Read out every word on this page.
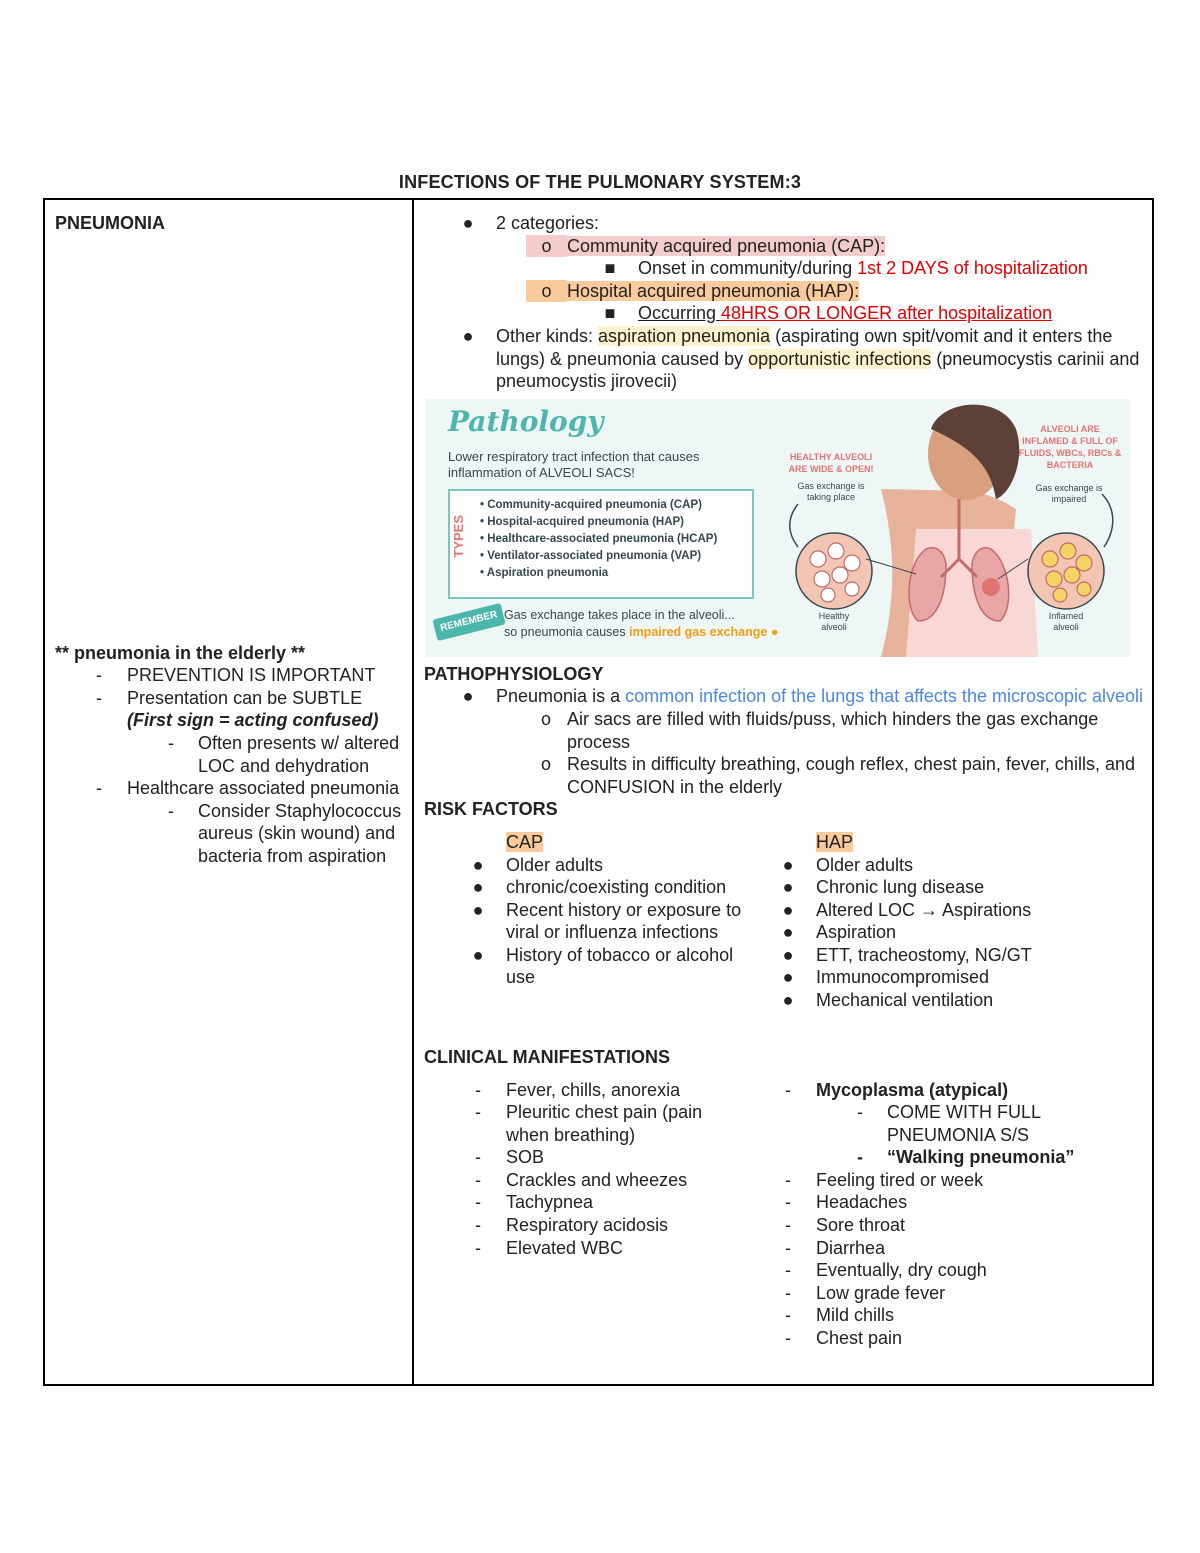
INFECTIONS OF THE PULMONARY SYSTEM:3
PNEUMONIA
** pneumonia in the elderly **
-	PREVENTION IS IMPORTANT
-	Presentation can be SUBTLE
(First sign = acting confused)
-	Often presents w/ altered LOC and dehydration
-	Healthcare associated pneumonia
-	Consider Staphylococcus aureus (skin wound) and bacteria from aspiration
● 2 categories:
o Community acquired pneumonia (CAP):
■ Onset in community/during 1st 2 DAYS of hospitalization
o Hospital acquired pneumonia (HAP):
■ Occurring 48HRS OR LONGER after hospitalization
● Other kinds: aspiration pneumonia (aspirating own spit/vomit and it enters the lungs) & pneumonia caused by opportunistic infections (pneumocystis carinii and pneumocystis jirovecii)
Pathology
Lower respiratory tract infection that causes inflammation of ALVEOLI SACS!
TYPES
• Community-acquired pneumonia (CAP)
• Hospital-acquired pneumonia (HAP)
• Healthcare-associated pneumonia (HCAP)
• Ventilator-associated pneumonia (VAP)
• Aspiration pneumonia
REMEMBER Gas exchange takes place in the alveoli...
so pneumonia causes impaired gas exchange ●
HEALTHY ALVEOLI ARE WIDE & OPEN!
Gas exchange is taking place
ALVEOLI ARE INFLAMED & FULL OF FLUIDS, WBCs, RBCs & BACTERIA
Gas exchange is impaired
Healthy alveoli
Inflamed alveoli
PATHOPHYSIOLOGY
● Pneumonia is a common infection of the lungs that affects the microscopic alveoli
o Air sacs are filled with fluids/puss, which hinders the gas exchange process
o Results in difficulty breathing, cough reflex, chest pain, fever, chills, and CONFUSION in the elderly
RISK FACTORS
CAP
● Older adults
● chronic/coexisting condition
● Recent history or exposure to viral or influenza infections
● History of tobacco or alcohol use
HAP
● Older adults
● Chronic lung disease
● Altered LOC → Aspirations
● Aspiration
● ETT, tracheostomy, NG/GT
● Immunocompromised
● Mechanical ventilation
CLINICAL MANIFESTATIONS
-	Fever, chills, anorexia
-	Pleuritic chest pain (pain when breathing)
-	SOB
-	Crackles and wheezes
-	Tachypnea
-	Respiratory acidosis
-	Elevated WBC
-	Mycoplasma (atypical)
-	COME WITH FULL PNEUMONIA S/S
-	“Walking pneumonia”
-	Feeling tired or week
-	Headaches
-	Sore throat
-	Diarrhea
-	Eventually, dry cough
-	Low grade fever
-	Mild chills
-	Chest pain
